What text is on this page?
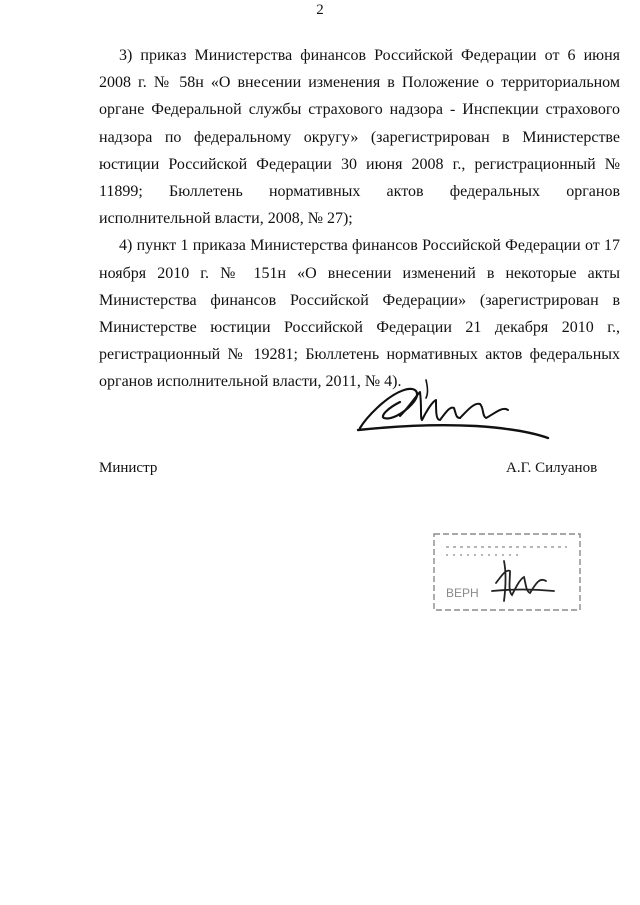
2

3) приказ Министерства финансов Российской Федерации от 6 июня 2008 г. № 58н «О внесении изменения в Положение о территориальном органе Федеральной службы страхового надзора - Инспекции страхового надзора по федеральному округу» (зарегистрирован в Министерстве юстиции Российской Федерации 30 июня 2008 г., регистрационный № 11899; Бюллетень нормативных актов федеральных органов исполнительной власти, 2008, № 27);

4) пункт 1 приказа Министерства финансов Российской Федерации от 17 ноября 2010 г. № 151н «О внесении изменений в некоторые акты Министерства финансов Российской Федерации» (зарегистрирован в Министерстве юстиции Российской Федерации 21 декабря 2010 г., регистрационный № 19281; Бюллетень нормативных актов федеральных органов исполнительной власти, 2011, № 4).

Министр	А.Г. Силуанов
ВЕРН
